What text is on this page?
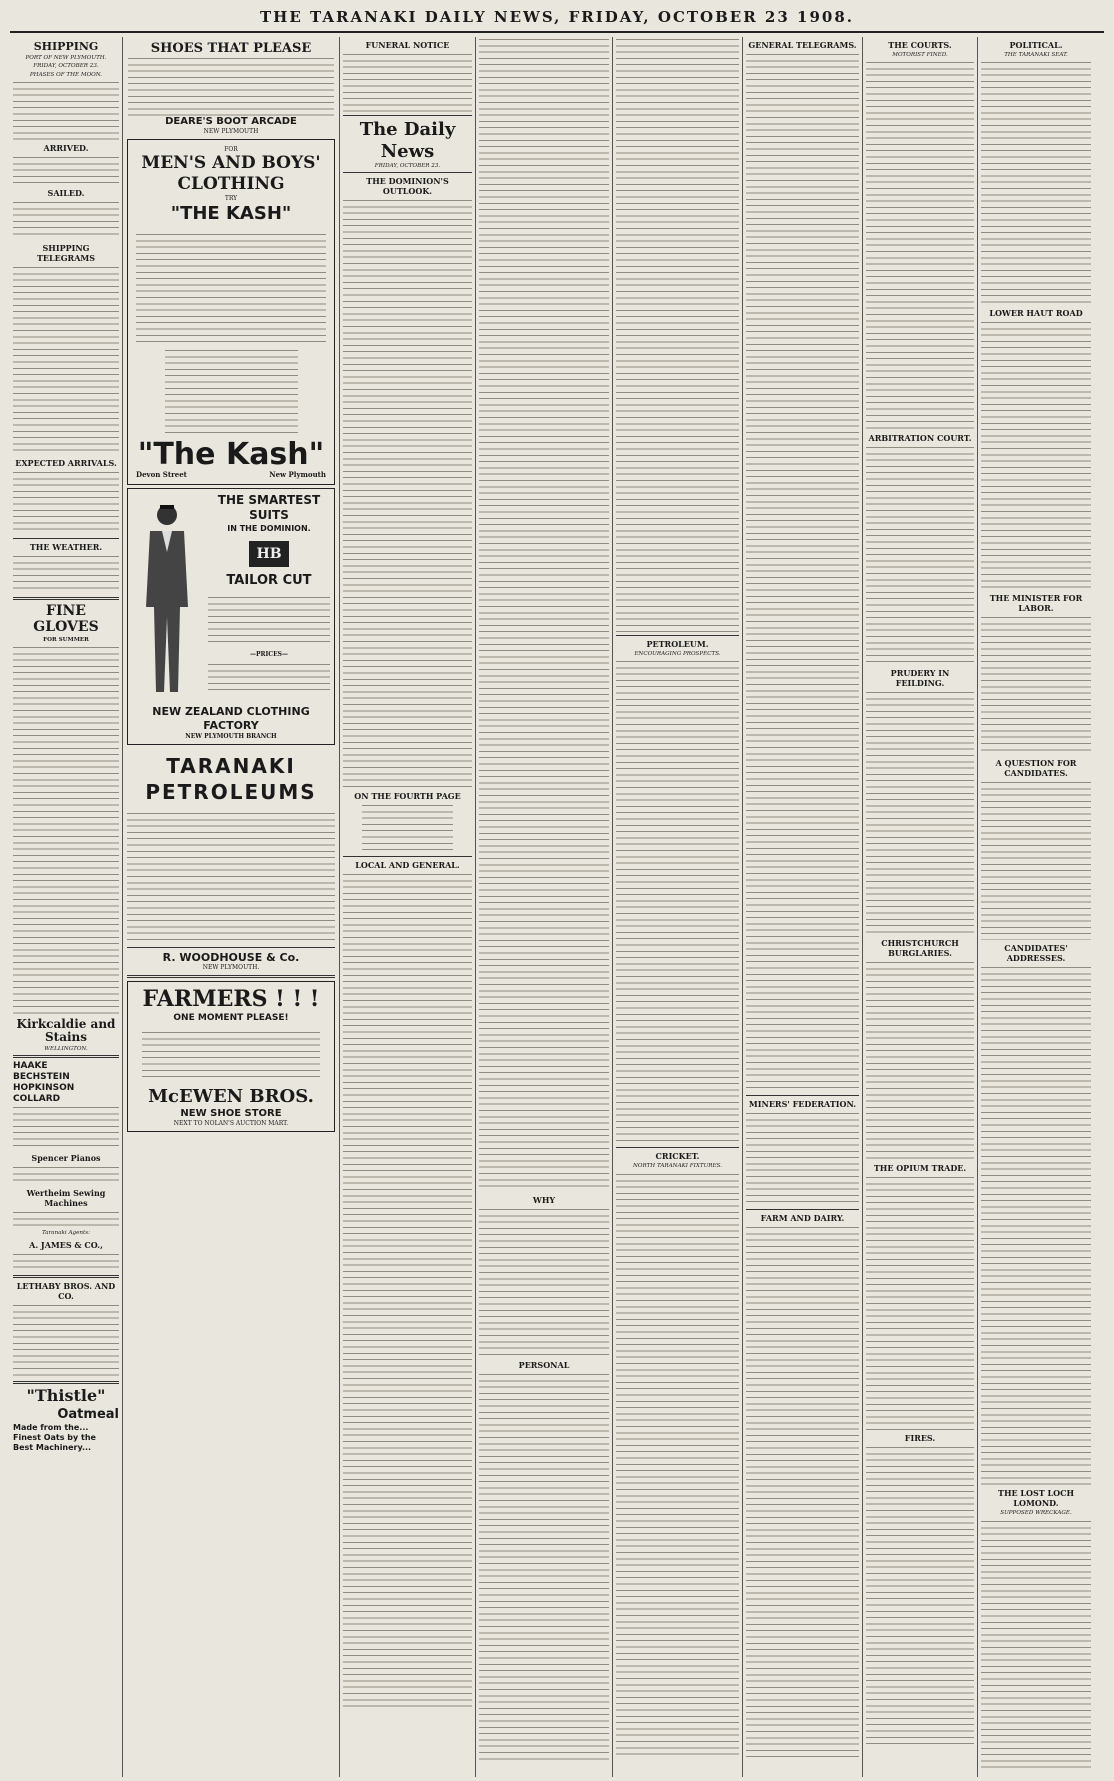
THE TARANAKI DAILY NEWS, FRIDAY, OCTOBER 23 1908.
SHIPPING
PORT OF NEW PLYMOUTH.
FRIDAY, OCTOBER 23.
PHASES OF THE MOON.
ARRIVED.
SAILED.
SHIPPING TELEGRAMS
EXPECTED ARRIVALS.
THE WEATHER.
FINE GLOVES
FOR SUMMER
Kirkcaldie and Stains
WELLINGTON.
HAAKE
BECHSTEIN
HOPKINSON
COLLARD
Spencer Pianos
Wertheim Sewing Machines
Taranaki Agents:
A. JAMES & CO.,
LETHABY BROS. AND CO.
"Thistle"
Oatmeal
Made from the...
Finest Oats by the
Best Machinery...
SHOES THAT PLEASE
DEARE'S BOOT ARCADE
NEW PLYMOUTH
FOR
MEN'S AND BOYS'
CLOTHING
TRY
"THE KASH"
"The Kash"
Devon Street	New Plymouth
THE SMARTEST SUITS
IN THE DOMINION.
HB
TAILOR CUT
—PRICES—
NEW ZEALAND CLOTHING FACTORY
NEW PLYMOUTH BRANCH
TARANAKI
PETROLEUMS
R. WOODHOUSE & Co.
NEW PLYMOUTH.
FARMERS ! ! !
ONE MOMENT PLEASE!
McEWEN BROS.
NEW SHOE STORE
NEXT TO NOLAN'S AUCTION MART.
FUNERAL NOTICE
The Daily News
FRIDAY, OCTOBER 23.
THE DOMINION'S OUTLOOK.
ON THE FOURTH PAGE
LOCAL AND GENERAL.
WHY
PERSONAL
PETROLEUM.
ENCOURAGING PROSPECTS.
CRICKET.
NORTH TARANAKI FIXTURES.
GENERAL TELEGRAMS.
MINERS' FEDERATION.
FARM AND DAIRY.
THE COURTS.
MOTORIST FINED.
ARBITRATION COURT.
PRUDERY IN FEILDING.
CHRISTCHURCH BURGLARIES.
THE OPIUM TRADE.
FIRES.
POLITICAL.
THE TARANAKI SEAT.
LOWER HAUT ROAD
THE MINISTER FOR LABOR.
A QUESTION FOR CANDIDATES.
CANDIDATES' ADDRESSES.
THE LOST LOCH LOMOND.
SUPPOSED WRECKAGE.
